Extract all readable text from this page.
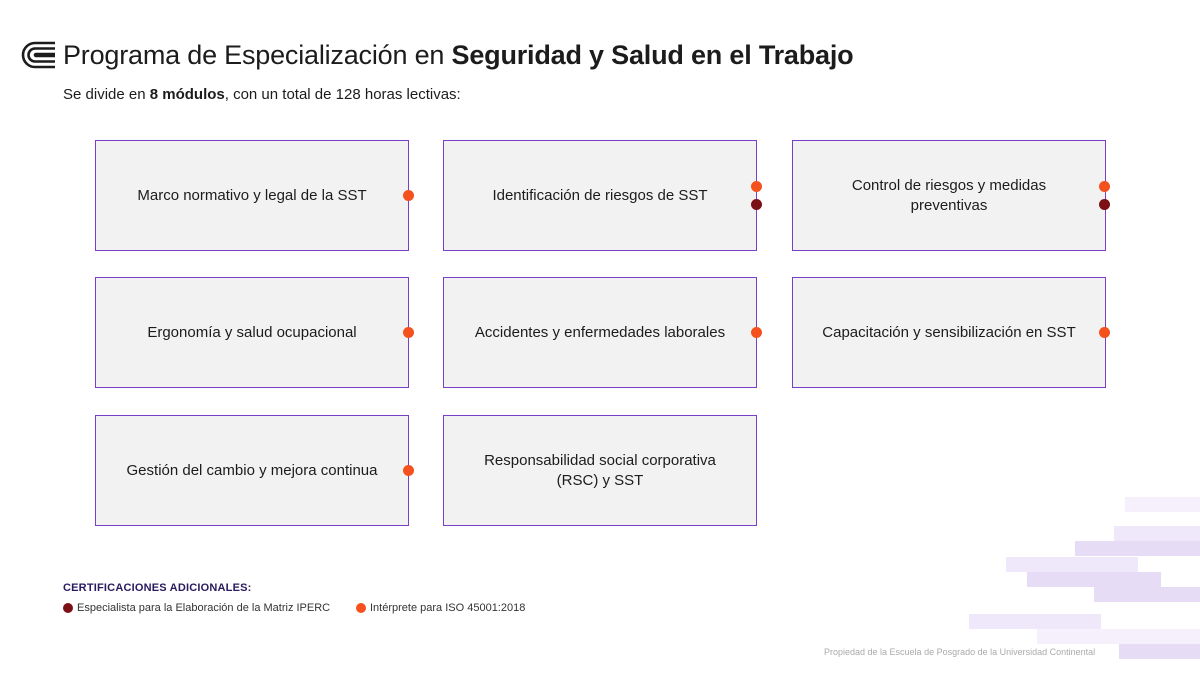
Programa de Especialización en Seguridad y Salud en el Trabajo
Se divide en 8 módulos, con un total de 128 horas lectivas:
Marco normativo y legal de la SST	Identificación de riesgos de SST
Control de riesgos y medidas preventivas
Ergonomía y salud ocupacional	Accidentes y enfermedades laborales	Capacitación y sensibilización en SST
Gestión del cambio y mejora continua
Responsabilidad social corporativa (RSC) y SST
CERTIFICACIONES ADICIONALES:
Especialista para la Elaboración de la Matriz IPERC	Intérprete para ISO 45001:2018
Propiedad de la Escuela de Posgrado de la Universidad Continental
